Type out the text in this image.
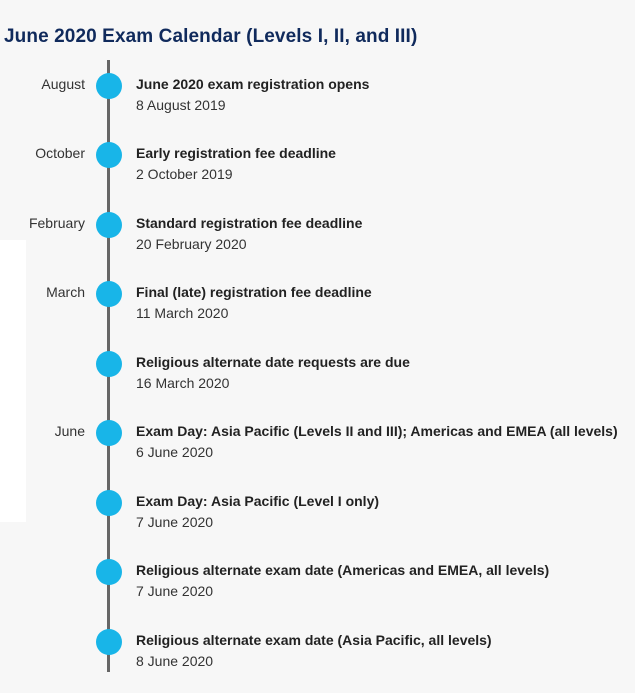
June 2020 Exam Calendar (Levels I, II, and III)
August	June 2020 exam registration opens
8 August 2019
October	Early registration fee deadline
2 October 2019
February	Standard registration fee deadline
20 February 2020
March	Final (late) registration fee deadline
11 March 2020
Religious alternate date requests are due
16 March 2020
June	Exam Day: Asia Pacific (Levels II and III); Americas and EMEA (all levels)
6 June 2020
Exam Day: Asia Pacific (Level I only)
7 June 2020
Religious alternate exam date (Americas and EMEA, all levels)
7 June 2020
Religious alternate exam date (Asia Pacific, all levels)
8 June 2020
